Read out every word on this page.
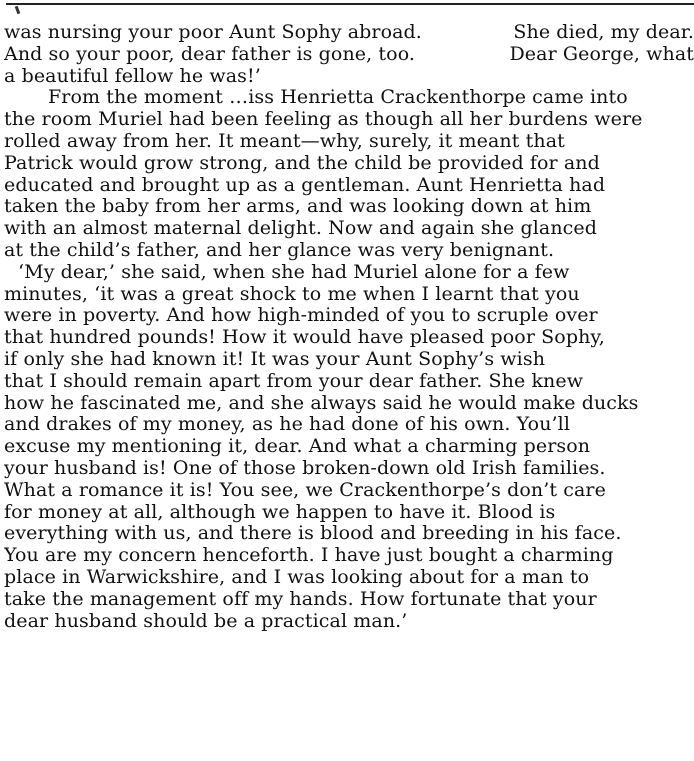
was nursing your poor Aunt Sophy abroad.	She died, my dear.
And so your poor, dear father is gone, too.	Dear George, what
a beautiful fellow he was!’
From the moment …iss Henrietta Crackenthorpe came into
the room Muriel had been feeling as though all her burdens were
rolled away from her. It meant—why, surely, it meant that
Patrick would grow strong, and the child be provided for and
educated and brought up as a gentleman. Aunt Henrietta had
taken the baby from her arms, and was looking down at him
with an almost maternal delight. Now and again she glanced
at the child’s father, and her glance was very benignant.
‘My dear,’ she said, when she had Muriel alone for a few
minutes, ‘it was a great shock to me when I learnt that you
were in poverty. And how high-minded of you to scruple over
that hundred pounds! How it would have pleased poor Sophy,
if only she had known it! It was your Aunt Sophy’s wish
that I should remain apart from your dear father. She knew
how he fascinated me, and she always said he would make ducks
and drakes of my money, as he had done of his own. You’ll
excuse my mentioning it, dear. And what a charming person
your husband is! One of those broken-down old Irish families.
What a romance it is! You see, we Crackenthorpe’s don’t care
for money at all, although we happen to have it. Blood is
everything with us, and there is blood and breeding in his face.
You are my concern henceforth. I have just bought a charming
place in Warwickshire, and I was looking about for a man to
take the management off my hands. How fortunate that your
dear husband should be a practical man.’
